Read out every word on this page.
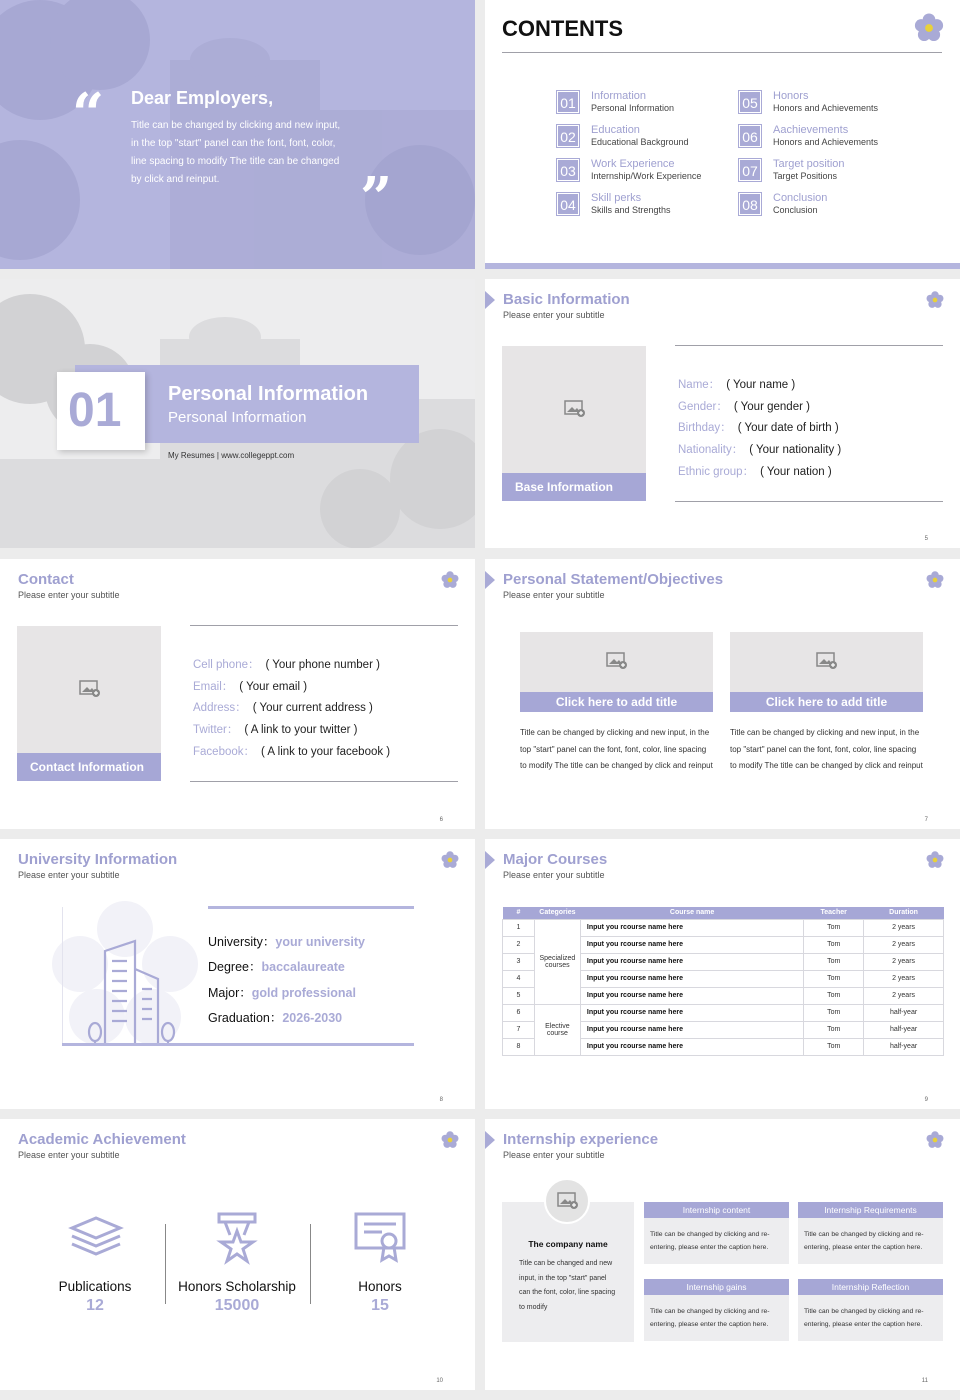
“ Dear Employers,
Title can be changed by clicking and new input, in the top "start" panel can the font, font, color, line spacing to modify The title can be changed by click and reinput.	”
CONTENTS
01 Information
Personal Information
02 Education
Educational Background
03 Work Experience
Internship/Work Experience
04 Skill perks
Skills and Strengths
05 Honors
Honors and Achievements
06 Aachievements
Honors and Achievements
07 Target position
Target Positions
08 Conclusion
Conclusion
01 Personal Information
Personal Information
My Resumes | www.collegeppt.com
Basic Information
Please enter your subtitle
Base Information
Name： ( Your name )
Gender： ( Your gender )
Birthday： ( Your date of birth )
Nationality： ( Your nationality )
Ethnic group： ( Your nation )
5
Contact
Please enter your subtitle
Contact Information
Cell phone： ( Your phone number )
Email： ( Your email )
Address： ( Your current address )
Twitter： ( A link to your twitter )
Facebook： ( A link to your facebook )
6
Personal Statement/Objectives
Please enter your subtitle
Click here to add title
Title can be changed by clicking and new input, in the top "start" panel can the font, font, color, line spacing to modify The title can be changed by click and reinput
Click here to add title
Title can be changed by clicking and new input, in the top "start" panel can the font, font, color, line spacing to modify The title can be changed by click and reinput
7
University Information
Please enter your subtitle
University：your university
Degree：baccalaureate
Major：gold professional
Graduation：2026-2030
8
Major Courses
Please enter your subtitle
#	Categories	Course name	Teacher	Duration
1	Specialized courses	Input you rcourse name here	Tom	2 years
2		Input you rcourse name here	Tom	2 years
3		Input you rcourse name here	Tom	2 years
4		Input you rcourse name here	Tom	2 years
5		Input you rcourse name here	Tom	2 years
6	Elective course	Input you rcourse name here	Tom	half-year
7		Input you rcourse name here	Tom	half-year
8		Input you rcourse name here	Tom	half-year
9
Academic Achievement
Please enter your subtitle
Publications
12
Honors Scholarship
15000
Honors
15
10
Internship experience
Please enter your subtitle
The company name
Title can be changed and new input, in the top "start" panel can the font, color, line spacing to modify
Internship content
Title can be changed by clicking and re-entering, please enter the caption here.
Internship Requirements
Title can be changed by clicking and re-entering, please enter the caption here.
Internship gains
Title can be changed by clicking and re-entering, please enter the caption here.
Internship Reflection
Title can be changed by clicking and re-entering, please enter the caption here.
11
